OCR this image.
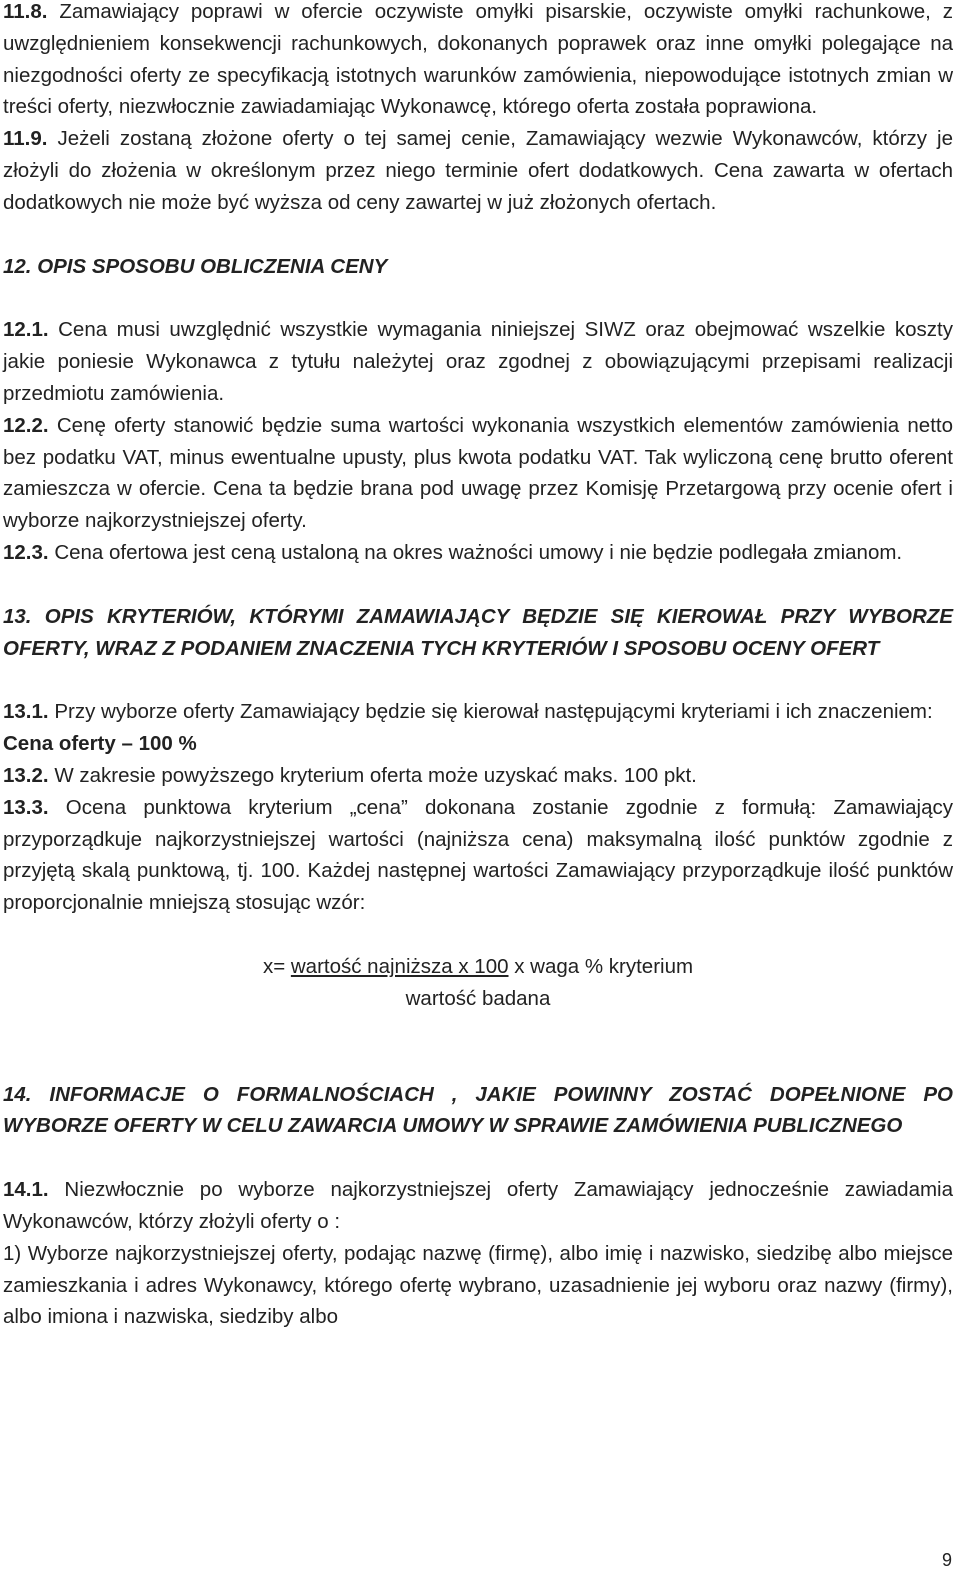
11.8. Zamawiający poprawi w ofercie oczywiste omyłki pisarskie, oczywiste omyłki rachunkowe, z uwzględnieniem konsekwencji rachunkowych, dokonanych poprawek oraz inne omyłki polegające na niezgodności oferty ze specyfikacją istotnych warunków zamówienia, niepowodujące istotnych zmian w treści oferty, niezwłocznie zawiadamiając Wykonawcę, którego oferta została poprawiona.

11.9. Jeżeli zostaną złożone oferty o tej samej cenie, Zamawiający wezwie Wykonawców, którzy je złożyli do złożenia w określonym przez niego terminie ofert dodatkowych. Cena zawarta w ofertach dodatkowych nie może być wyższa od ceny zawartej w już złożonych ofertach.

12. OPIS SPOSOBU OBLICZENIA CENY

12.1. Cena musi uwzględnić wszystkie wymagania niniejszej SIWZ oraz obejmować wszelkie koszty jakie poniesie Wykonawca z tytułu należytej oraz zgodnej z obowiązującymi przepisami realizacji przedmiotu zamówienia.

12.2. Cenę oferty stanowić będzie suma wartości wykonania wszystkich elementów zamówienia netto bez podatku VAT, minus ewentualne upusty, plus kwota podatku VAT. Tak wyliczoną cenę brutto oferent zamieszcza w ofercie. Cena ta będzie brana pod uwagę przez Komisję Przetargową przy ocenie ofert i wyborze najkorzystniejszej oferty.

12.3. Cena ofertowa jest ceną ustaloną na okres ważności umowy i nie będzie podlegała zmianom.

13. OPIS KRYTERIÓW, KTÓRYMI ZAMAWIAJĄCY BĘDZIE SIĘ KIEROWAŁ PRZY WYBORZE OFERTY, WRAZ Z PODANIEM ZNACZENIA TYCH KRYTERIÓW I SPOSOBU OCENY OFERT

13.1. Przy wyborze oferty Zamawiający będzie się kierował następującymi kryteriami i ich znaczeniem:

Cena oferty – 100 %

13.2. W zakresie powyższego kryterium oferta może uzyskać maks. 100 pkt.

13.3. Ocena punktowa kryterium „cena” dokonana zostanie zgodnie z formułą: Zamawiający przyporządkuje najkorzystniejszej wartości (najniższa cena) maksymalną ilość punktów zgodnie z przyjętą skalą punktową, tj. 100. Każdej następnej wartości Zamawiający przyporządkuje ilość punktów proporcjonalnie mniejszą stosując wzór:

x= wartość najniższa x 100 x waga % kryterium

wartość badana

14. INFORMACJE O FORMALNOŚCIACH , JAKIE POWINNY ZOSTAĆ DOPEŁNIONE PO WYBORZE OFERTY W CELU ZAWARCIA UMOWY W SPRAWIE ZAMÓWIENIA PUBLICZNEGO

14.1. Niezwłocznie po wyborze najkorzystniejszej oferty Zamawiający jednocześnie zawiadamia Wykonawców, którzy złożyli oferty o :

1) Wyborze najkorzystniejszej oferty, podając nazwę (firmę), albo imię i nazwisko, siedzibę albo miejsce zamieszkania i adres Wykonawcy, którego ofertę wybrano, uzasadnienie jej wyboru oraz nazwy (firmy), albo imiona i nazwiska, siedziby albo

9
